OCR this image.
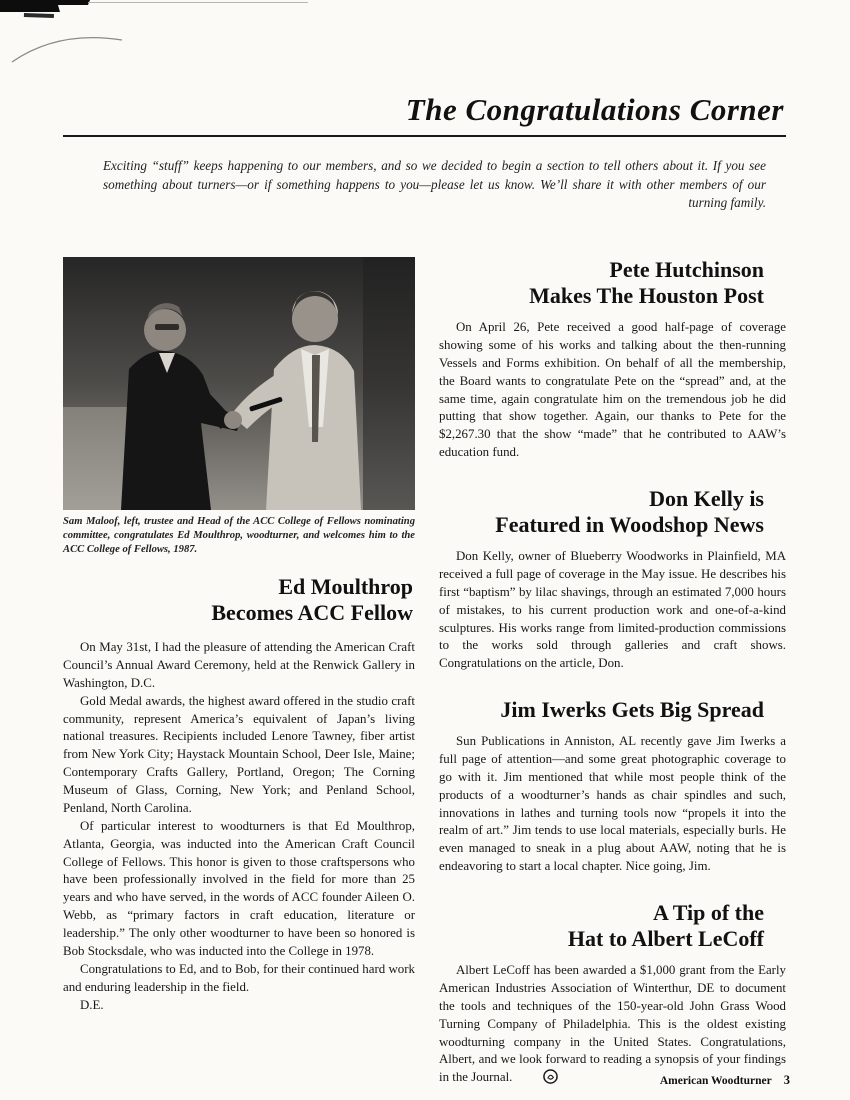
The Congratulations Corner
Exciting “stuff” keeps happening to our members, and so we decided to begin a section to tell others about it. If you see something about turners—or if something happens to you—please let us know. We’ll share it with other members of our turning family.
Sam Maloof, left, trustee and Head of the ACC College of Fellows nominating committee, congratulates Ed Moulthrop, woodturner, and welcomes him to the ACC College of Fellows, 1987.
Ed Moulthrop
Becomes ACC Fellow

On May 31st, I had the pleasure of attending the American Craft Council’s Annual Award Ceremony, held at the Renwick Gallery in Washington, D.C.

Gold Medal awards, the highest award offered in the studio craft community, represent America’s equivalent of Japan’s living national treasures. Recipients included Lenore Tawney, fiber artist from New York City; Haystack Mountain School, Deer Isle, Maine; Contemporary Crafts Gallery, Portland, Oregon; The Corning Museum of Glass, Corning, New York; and Penland School, Penland, North Carolina.

Of particular interest to woodturners is that Ed Moulthrop, Atlanta, Georgia, was inducted into the American Craft Council College of Fellows. This honor is given to those craftspersons who have been professionally involved in the field for more than 25 years and who have served, in the words of ACC founder Aileen O. Webb, as “primary factors in craft education, literature or leadership.” The only other woodturner to have been so honored is Bob Stocksdale, who was inducted into the College in 1978.

Congratulations to Ed, and to Bob, for their continued hard work and enduring leadership in the field.

D.E.

Pete Hutchinson
Makes The Houston Post

On April 26, Pete received a good half-page of coverage showing some of his works and talking about the then-running Vessels and Forms exhibition. On behalf of all the membership, the Board wants to congratulate Pete on the “spread” and, at the same time, again congratulate him on the tremendous job he did putting that show together. Again, our thanks to Pete for the $2,267.30 that the show “made” that he contributed to AAW’s education fund.

Don Kelly is
Featured in Woodshop News

Don Kelly, owner of Blueberry Woodworks in Plainfield, MA received a full page of coverage in the May issue. He describes his first “baptism” by lilac shavings, through an estimated 7,000 hours of mistakes, to his current production work and one-of-a-kind sculptures. His works range from limited-production commissions to the works sold through galleries and craft shows. Congratulations on the article, Don.

Jim Iwerks Gets Big Spread

Sun Publications in Anniston, AL recently gave Jim Iwerks a full page of attention—and some great photographic coverage to go with it. Jim mentioned that while most people think of the products of a woodturner’s hands as chair spindles and such, innovations in lathes and turning tools now “propels it into the realm of art.” Jim tends to use local materials, especially burls. He even managed to sneak in a plug about AAW, noting that he is endeavoring to start a local chapter. Nice going, Jim.

A Tip of the
Hat to Albert LeCoff

Albert LeCoff has been awarded a $1,000 grant from the Early American Industries Association of Winterthur, DE to document the tools and techniques of the 150-year-old John Grass Wood Turning Company of Philadelphia. This is the oldest existing woodturning company in the United States. Congratulations, Albert, and we look forward to reading a synopsis of your findings in the Journal.	American Woodturner 3
